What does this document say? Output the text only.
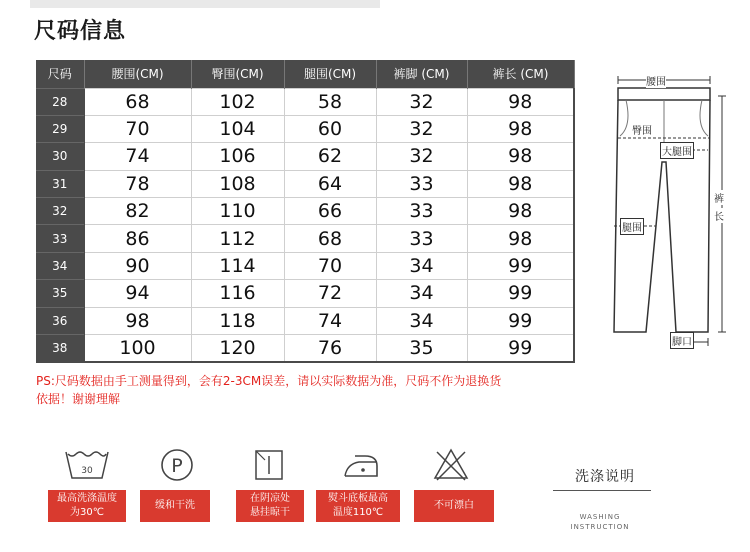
尺码信息
尺码	腰围(CM)	臀围(CM)	腿围(CM)	裤脚 (CM)	裤长 (CM)
28	68	102	58	32	98
29	70	104	60	32	98
30	74	106	62	32	98
31	78	108	64	33	98
32	82	110	66	33	98
33	86	112	68	33	98
34	90	114	70	34	99
35	94	116	72	34	99
36	98	118	74	34	99
38	100	120	76	35	99
PS:尺码数据由手工测量得到，会有2-3CM误差，请以实际数据为准，尺码不作为退换货依据！谢谢理解
腰围
臀围
大腿围
腿围
裤
长
脚口
30	P
最高洗涤温度
为30℃
缓和干洗
在阴凉处
悬挂晾干
熨斗底板最高
温度110℃
不可漂白
洗涤说明
WASHING
INSTRUCTION
